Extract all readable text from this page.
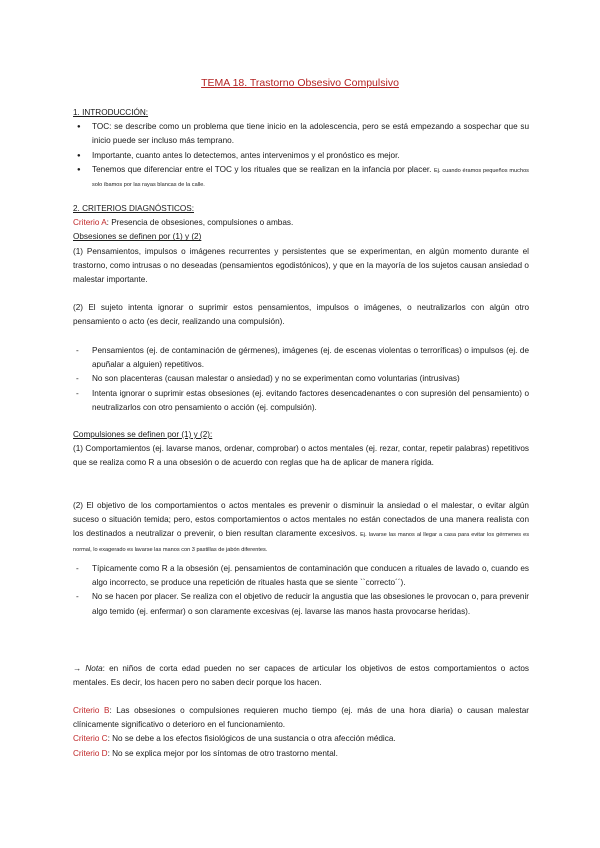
TEMA 18. Trastorno Obsesivo Compulsivo

1. INTRODUCCIÓN:

● TOC: se describe como un problema que tiene inicio en la adolescencia, pero se está empezando a sospechar que su inicio puede ser incluso más temprano.
● Importante, cuanto antes lo detectemos, antes intervenimos y el pronóstico es mejor.
● Tenemos que diferenciar entre el TOC y los rituales que se realizan en la infancia por placer. Ej. cuando éramos pequeños muchos solo íbamos por las rayas blancas de la calle.

2. CRITERIOS DIAGNÓSTICOS:

Criterio A: Presencia de obsesiones, compulsiones o ambas.

Obsesiones se definen por (1) y (2)

(1) Pensamientos, impulsos o imágenes recurrentes y persistentes que se experimentan, en algún momento durante el trastorno, como intrusas o no deseadas (pensamientos egodistónicos), y que en la mayoría de los sujetos causan ansiedad o malestar importante.

(2) El sujeto intenta ignorar o suprimir estos pensamientos, impulsos o imágenes, o neutralizarlos con algún otro pensamiento o acto (es decir, realizando una compulsión).

- Pensamientos (ej. de contaminación de gérmenes), imágenes (ej. de escenas violentas o terroríficas) o impulsos (ej. de apuñalar a alguien) repetitivos.
- No son placenteras (causan malestar o ansiedad) y no se experimentan como voluntarias (intrusivas)
- Intenta ignorar o suprimir estas obsesiones (ej. evitando factores desencadenantes o con supresión del pensamiento) o neutralizarlos con otro pensamiento o acción (ej. compulsión).

Compulsiones se definen por (1) y (2):

(1) Comportamientos (ej. lavarse manos, ordenar, comprobar) o actos mentales (ej. rezar, contar, repetir palabras) repetitivos que se realiza como R a una obsesión o de acuerdo con reglas que ha de aplicar de manera rígida.

(2) El objetivo de los comportamientos o actos mentales es prevenir o disminuir la ansiedad o el malestar, o evitar algún suceso o situación temida; pero, estos comportamientos o actos mentales no están conectados de una manera realista con los destinados a neutralizar o prevenir, o bien resultan claramente excesivos. Ej. lavarse las manos al llegar a casa para evitar los gérmenes es normal, lo exagerado es lavarse las manos con 3 pastillas de jabón diferentes.

- Típicamente como R a la obsesión (ej. pensamientos de contaminación que conducen a rituales de lavado o, cuando es algo incorrecto, se produce una repetición de rituales hasta que se siente ``correcto´´).
- No se hacen por placer. Se realiza con el objetivo de reducir la angustia que las obsesiones le provocan o, para prevenir algo temido (ej. enfermar) o son claramente excesivas (ej. lavarse las manos hasta provocarse heridas).

→ Nota: en niños de corta edad pueden no ser capaces de articular los objetivos de estos comportamientos o actos mentales. Es decir, los hacen pero no saben decir porque los hacen.

Criterio B: Las obsesiones o compulsiones requieren mucho tiempo (ej. más de una hora diaria) o causan malestar clínicamente significativo o deterioro en el funcionamiento.

Criterio C: No se debe a los efectos fisiológicos de una sustancia o otra afección médica.

Criterio D: No se explica mejor por los síntomas de otro trastorno mental.
